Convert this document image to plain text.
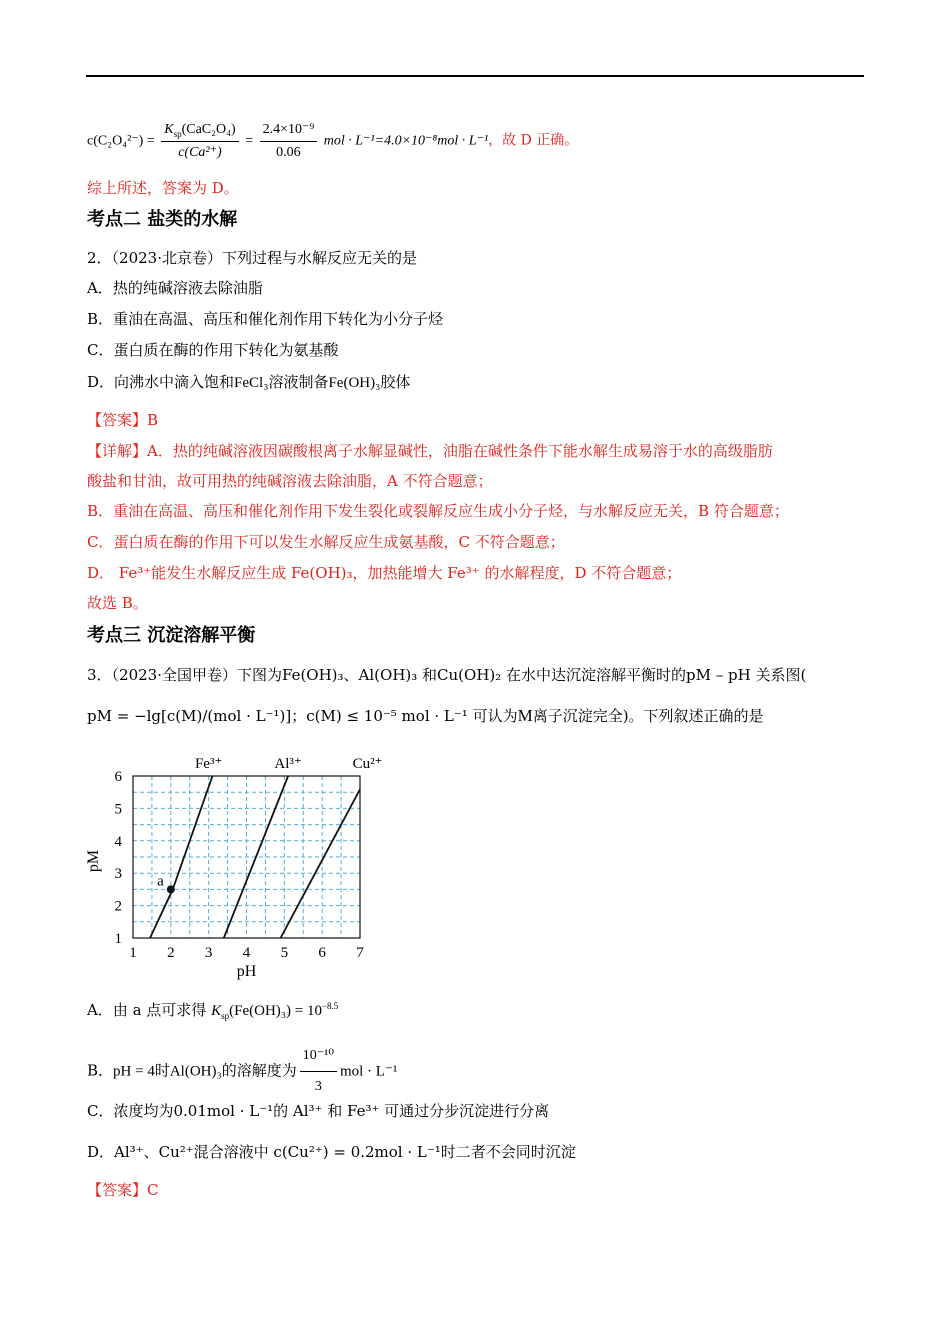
$c(C_2O_4^{2-}) = \frac{K_{sp}(CaC_2O_4)}{\text{c(Ca²⁺)}} = \frac{\text{2.4×10⁻⁹}}{0.06}$ mol · L⁻¹=4.0×10⁻⁸mol · L⁻¹，故 D 正确。
综上所述，答案为 D。
考点二 盐类的水解
2．（2023·北京卷）下列过程与水解反应无关的是
A．热的纯碱溶液去除油脂
B．重油在高温、高压和催化剂作用下转化为小分子烃
C．蛋白质在酶的作用下转化为氨基酸
D．向沸水中滴入饱和FeCl₃溶液制备Fe(OH)₃胶体
【答案】B
【详解】A．热的纯碱溶液因碳酸根离子水解显碱性，油脂在碱性条件下能水解生成易溶于水的高级脂肪
酸盐和甘油，故可用热的纯碱溶液去除油脂，A 不符合题意；
B．重油在高温、高压和催化剂作用下发生裂化或裂解反应生成小分子烃，与水解反应无关，B 符合题意；
C．蛋白质在酶的作用下可以发生水解反应生成氨基酸，C 不符合题意；
D． Fe³⁺能发生水解反应生成 Fe(OH)₃，加热能增大 Fe³⁺ 的水解程度，D 不符合题意；
故选 B。
考点三 沉淀溶解平衡
3．（2023·全国甲卷）下图为Fe(OH)₃、Al(OH)₃ 和Cu(OH)₂ 在水中达沉淀溶解平衡时的pM – pH 关系图(
pM = −lg[c(M)/(mol · L⁻¹)]；c(M) ≤ 10⁻⁵ mol · L⁻¹ 可认为M离子沉淀完全)。下列叙述正确的是
1 2 3 4 5 6 7
1
2
3
4
5
6
pH
pM
Fe³⁺	Al³⁺	Cu²⁺
a
A．由 a 点可求得 $K_{sp}(Fe(OH)_3) = 10^{-8.5}$
B．pH = 4时Al(OH)₃的溶解度为 $\frac{\text{10⁻¹⁰}}{3}$ mol · L⁻¹
C．浓度均为0.01mol · L⁻¹的 Al³⁺ 和 Fe³⁺ 可通过分步沉淀进行分离
D．Al³⁺、Cu²⁺混合溶液中 c(Cu²⁺) = 0.2mol · L⁻¹时二者不会同时沉淀
【答案】C
